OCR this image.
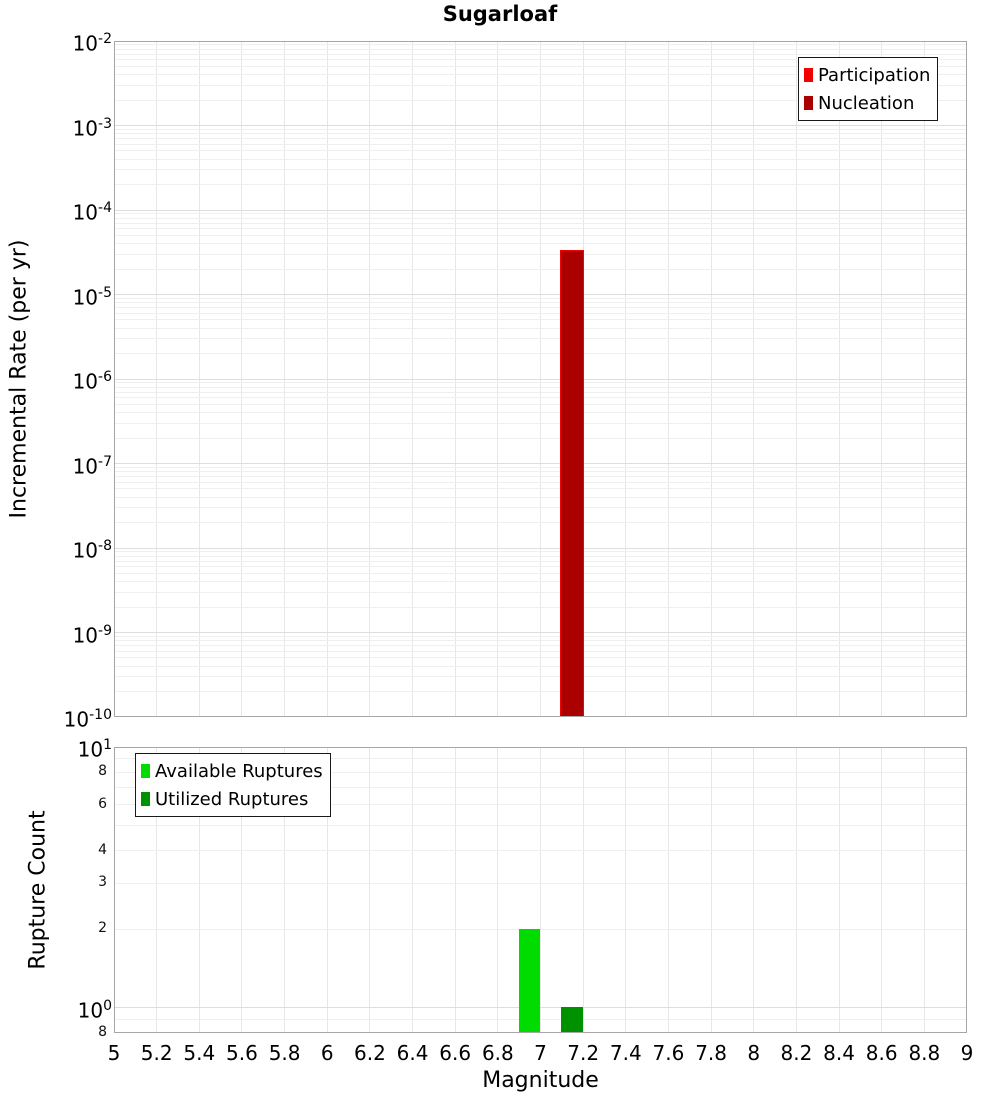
Sugarloaf
Incremental Rate (per yr)
Rupture Count
Magnitude
$10^{-2}$
$10^{-3}$
$10^{-4}$
$10^{-5}$
$10^{-6}$
$10^{-7}$
$10^{-8}$
$10^{-9}$
$10^{-10}$
$10^1$
8
6
4
3
2
$10^0$
8
5	5.2 5.4 5.6 5.8	6	6.2 6.4 6.6 6.8	7	7.2 7.4 7.6 7.8	8	8.2 8.4 8.6 8.8	9
Participation
Nucleation
Available Ruptures
Utilized Ruptures
